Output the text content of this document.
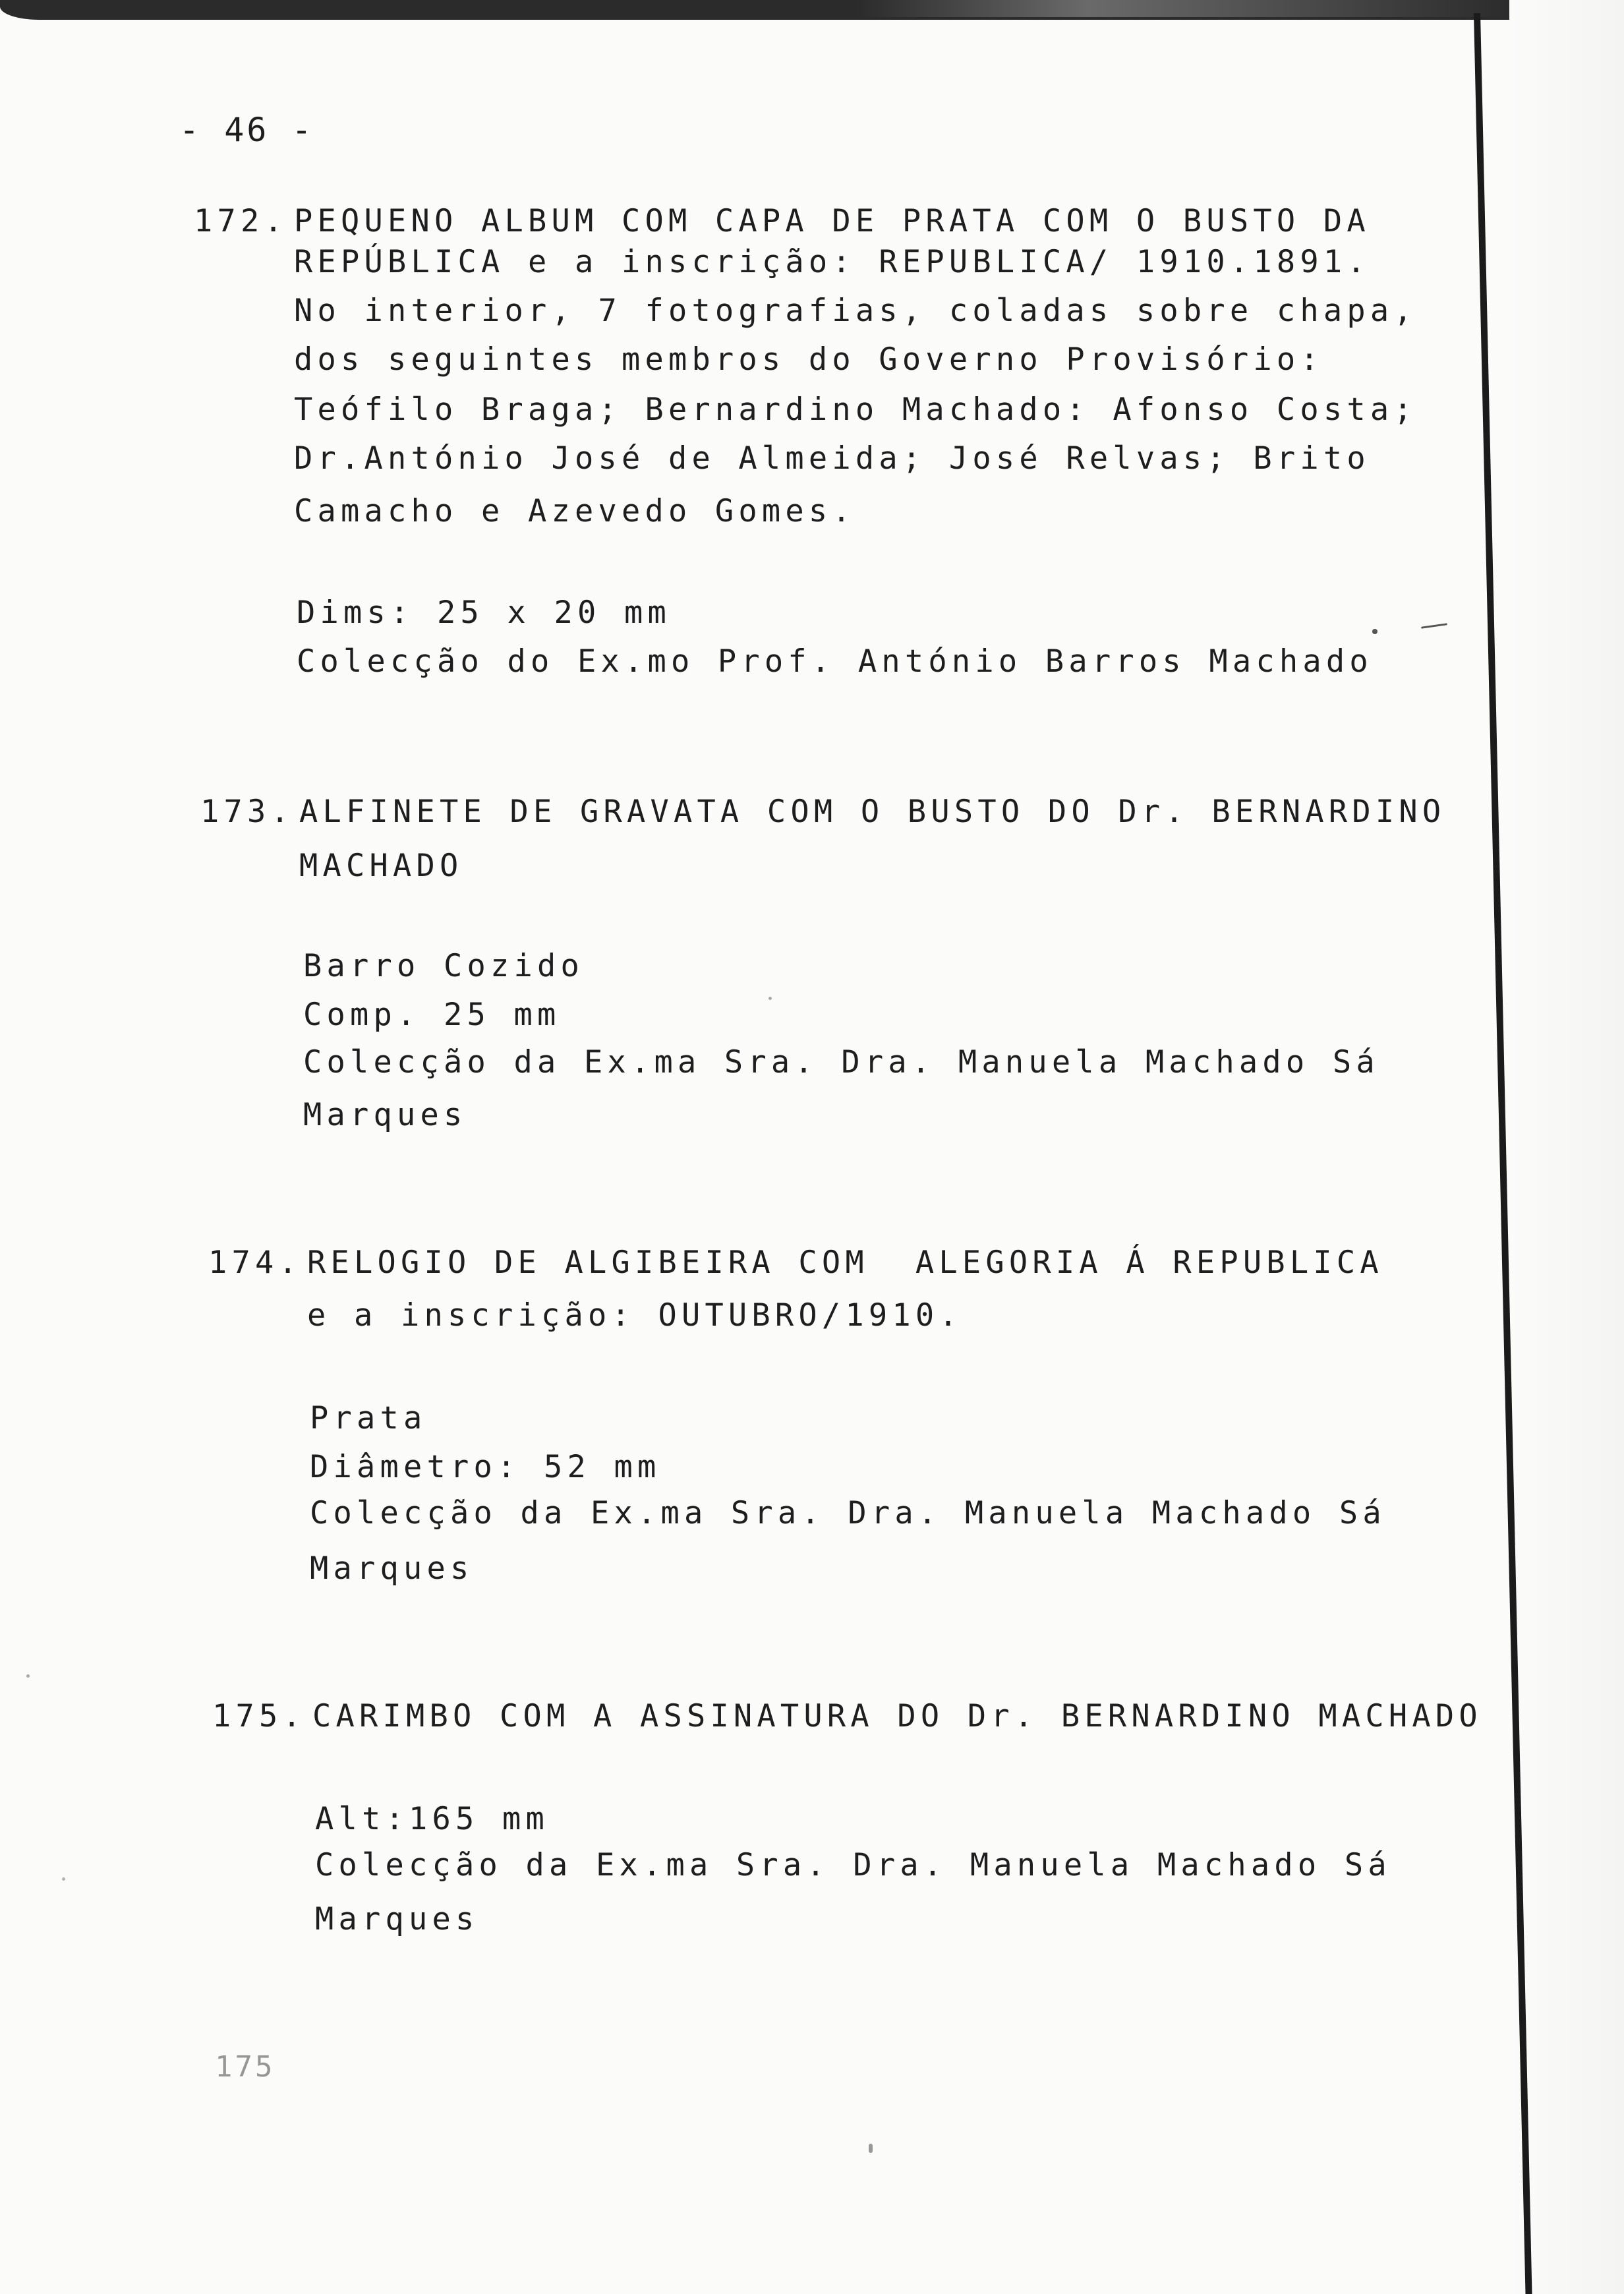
- 46 -
172. PEQUENO ALBUM COM CAPA DE PRATA COM O BUSTO DA

REPÚBLICA e a inscrição: REPUBLICA/ 1910.1891.

No interior, 7 fotografias, coladas sobre chapa,

dos seguintes membros do Governo Provisório:

Teófilo Braga; Bernardino Machado: Afonso Costa;

Dr.António José de Almeida; José Relvas; Brito

Camacho e Azevedo Gomes.

Dims: 25 x 20 mm

Colecção do Ex.mo Prof. António Barros Machado

173. ALFINETE DE GRAVATA COM O BUSTO DO Dr. BERNARDINO

MACHADO

Barro Cozido

Comp. 25 mm

Colecção da Ex.ma Sra. Dra. Manuela Machado Sá

Marques

174. RELOGIO DE ALGIBEIRA COM  ALEGORIA Á REPUBLICA

e a inscrição: OUTUBRO/1910.

Prata

Diâmetro: 52 mm

Colecção da Ex.ma Sra. Dra. Manuela Machado Sá

Marques

175. CARIMBO COM A ASSINATURA DO Dr. BERNARDINO MACHADO

Alt:165 mm

Colecção da Ex.ma Sra. Dra. Manuela Machado Sá

Marques

175
